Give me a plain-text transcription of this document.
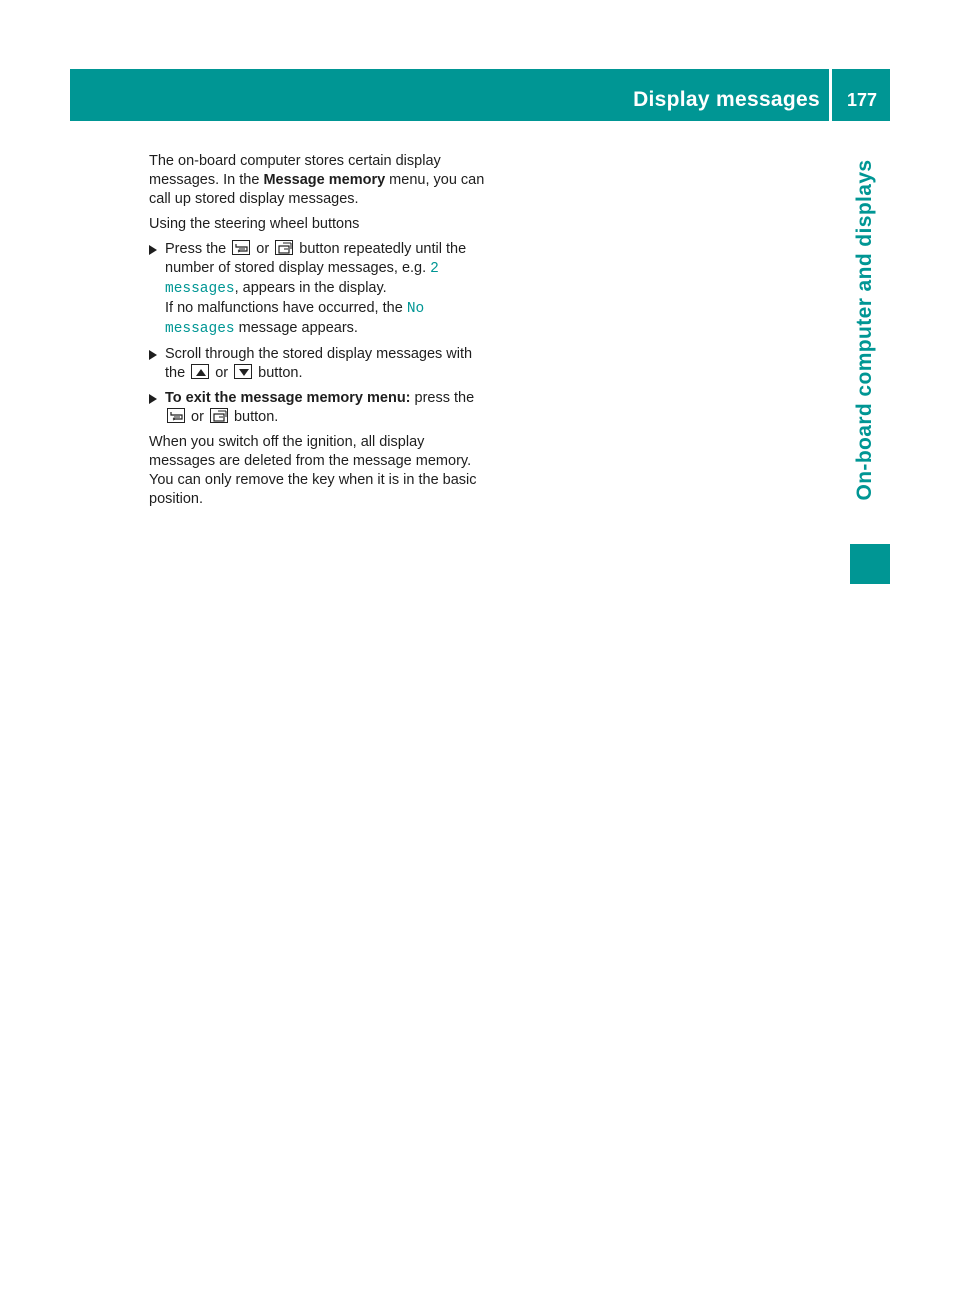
Display messages	177
On-board computer and displays

The on-board computer stores certain display messages. In the Message memory menu, you can call up stored display messages.

Using the steering wheel buttons

Press the
or
button repeatedly until the number of stored display messages, e.g. 2 messages, appears in the display.
If no malfunctions have occurred, the No messages message appears.
Scroll through the stored display messages with the
or
button.
To exit the message memory menu: press the
or
button.

When you switch off the ignition, all display messages are deleted from the message memory. You can only remove the key when it is in the basic position.
